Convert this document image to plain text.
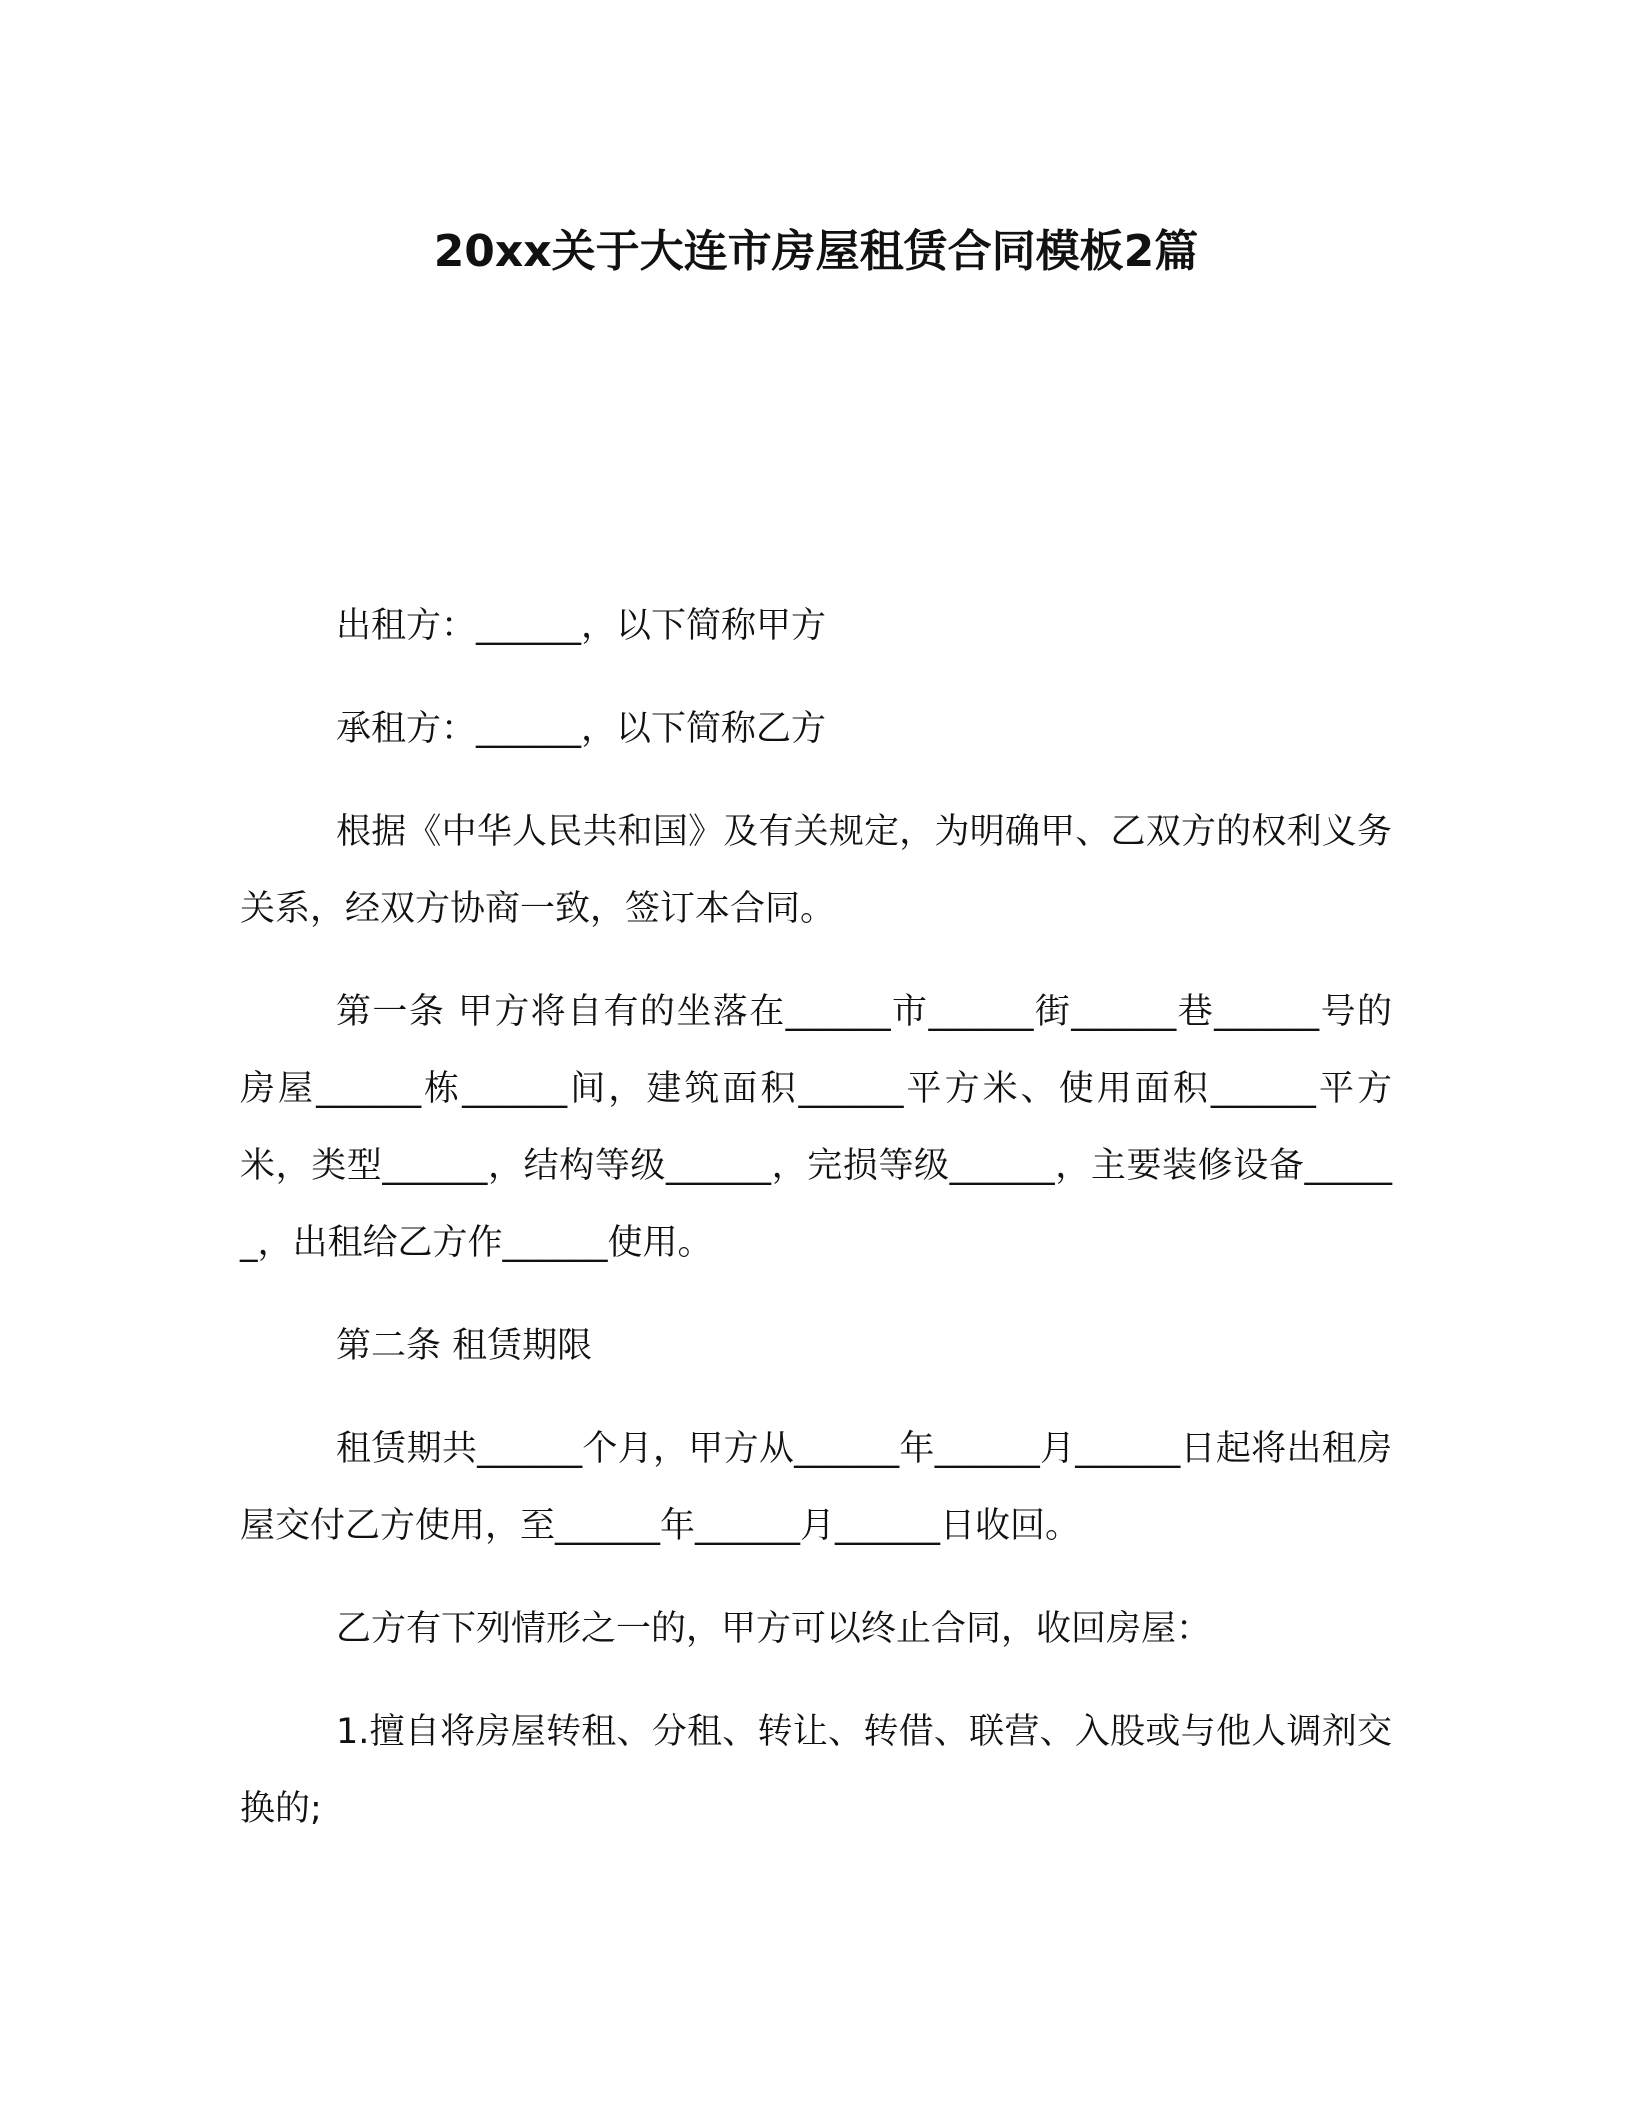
20xx关于大连市房屋租赁合同模板2篇

出租方：______，以下简称甲方

承租方：______，以下简称乙方

根据《中华人民共和国》及有关规定，为明确甲、乙双方的权利义务关系，经双方协商一致，签订本合同。

第一条 甲方将自有的坐落在______市______街______巷______号的房屋______栋______间，建筑面积______平方米、使用面积______平方米，类型______，结构等级______，完损等级______，主要装修设备______，出租给乙方作______使用。

第二条 租赁期限

租赁期共______个月，甲方从______年______月______日起将出租房屋交付乙方使用，至______年______月______日收回。

乙方有下列情形之一的，甲方可以终止合同，收回房屋：

1.擅自将房屋转租、分租、转让、转借、联营、入股或与他人调剂交换的;
